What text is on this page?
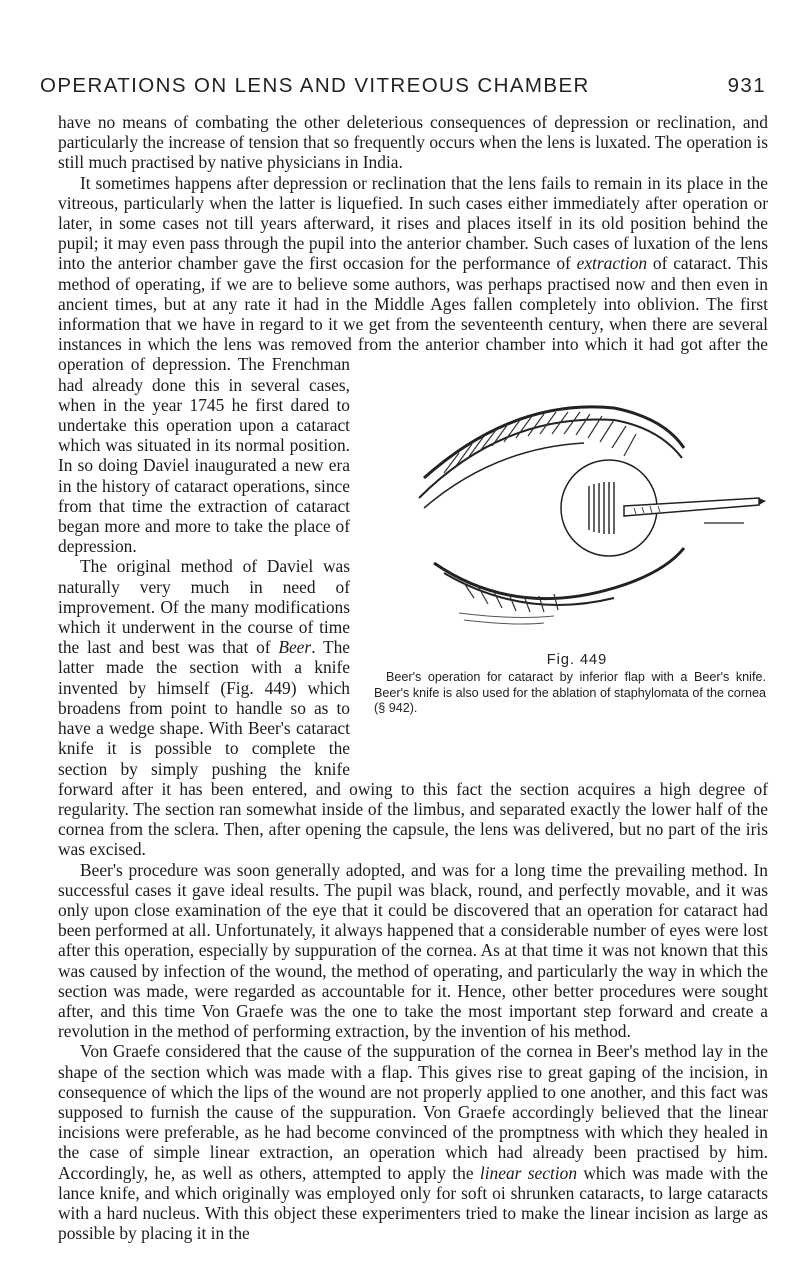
OPERATIONS ON LENS AND VITREOUS CHAMBER	931

have no means of combating the other deleterious consequences of depression or reclination, and particularly the increase of tension that so frequently occurs when the lens is luxated. The operation is still much practised by native physicians in India.

It sometimes happens after depression or reclination that the lens fails to remain in its place in the vitreous, particularly when the latter is liquefied. In such cases either immediately after operation or later, in some cases not till years afterward, it rises and places itself in its old position behind the pupil; it may even pass through the pupil into the anterior chamber. Such cases of luxation of the lens into the anterior chamber gave the first occasion for the performance of extraction of cataract. This method of operating, if we are to believe some authors, was perhaps practised now and then even in ancient times, but at any rate it had in the Middle Ages fallen completely into oblivion. The first information that we have in regard to it we get from the seventeenth century, when there are several instances in which the lens was removed from the anterior chamber into which it had got after the operation of depression. The Frenchman
Fig. 449
Beer's operation for cataract by inferior flap with a Beer's knife. Beer's knife is also used for the ablation of staphylomata of the cornea (§ 942).
had already done this in several cases, when in the year 1745 he first dared to undertake this operation upon a cataract which was situated in its normal position. In so doing Daviel inaugurated a new era in the history of cataract operations, since from that time the extraction of cataract began more and more to take the place of depression.

The original method of Daviel was naturally very much in need of improvement. Of the many modifications which it underwent in the course of time the last and best was that of Beer. The latter made the section with a knife invented by himself (Fig. 449) which broadens from point to handle so as to have a wedge shape. With Beer's cataract knife it is possible to complete the section by simply pushing the knife forward after it has been entered, and owing to this fact the section acquires a high degree of regularity. The section ran somewhat inside of the limbus, and separated exactly the lower half of the cornea from the sclera. Then, after opening the capsule, the lens was delivered, but no part of the iris was excised.

Beer's procedure was soon generally adopted, and was for a long time the prevailing method. In successful cases it gave ideal results. The pupil was black, round, and perfectly movable, and it was only upon close examination of the eye that it could be discovered that an operation for cataract had been performed at all. Unfortunately, it always happened that a considerable number of eyes were lost after this operation, especially by suppuration of the cornea. As at that time it was not known that this was caused by infection of the wound, the method of operating, and particularly the way in which the section was made, were regarded as accountable for it. Hence, other better procedures were sought after, and this time Von Graefe was the one to take the most important step forward and create a revolution in the method of performing extraction, by the invention of his method.

Von Graefe considered that the cause of the suppuration of the cornea in Beer's method lay in the shape of the section which was made with a flap. This gives rise to great gaping of the incision, in consequence of which the lips of the wound are not properly applied to one another, and this fact was supposed to furnish the cause of the suppuration. Von Graefe accordingly believed that the linear incisions were preferable, as he had become convinced of the promptness with which they healed in the case of simple linear extraction, an operation which had already been practised by him. Accordingly, he, as well as others, attempted to apply the linear section which was made with the lance knife, and which originally was employed only for soft oi shrunken cataracts, to large cataracts with a hard nucleus. With this object these experimenters tried to make the linear incision as large as possible by placing it in the
